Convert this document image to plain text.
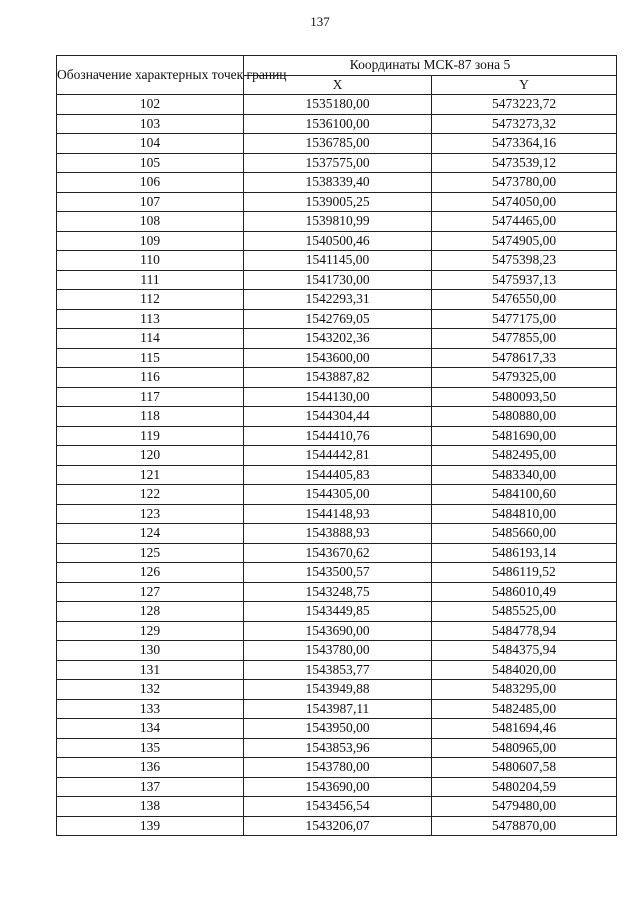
137
Обозначение характерных точек границ	Координаты МСК-87 зона 5	
	X	Y
102	1535180,00	5473223,72
103	1536100,00	5473273,32
104	1536785,00	5473364,16
105	1537575,00	5473539,12
106	1538339,40	5473780,00
107	1539005,25	5474050,00
108	1539810,99	5474465,00
109	1540500,46	5474905,00
110	1541145,00	5475398,23
111	1541730,00	5475937,13
112	1542293,31	5476550,00
113	1542769,05	5477175,00
114	1543202,36	5477855,00
115	1543600,00	5478617,33
116	1543887,82	5479325,00
117	1544130,00	5480093,50
118	1544304,44	5480880,00
119	1544410,76	5481690,00
120	1544442,81	5482495,00
121	1544405,83	5483340,00
122	1544305,00	5484100,60
123	1544148,93	5484810,00
124	1543888,93	5485660,00
125	1543670,62	5486193,14
126	1543500,57	5486119,52
127	1543248,75	5486010,49
128	1543449,85	5485525,00
129	1543690,00	5484778,94
130	1543780,00	5484375,94
131	1543853,77	5484020,00
132	1543949,88	5483295,00
133	1543987,11	5482485,00
134	1543950,00	5481694,46
135	1543853,96	5480965,00
136	1543780,00	5480607,58
137	1543690,00	5480204,59
138	1543456,54	5479480,00
139	1543206,07	5478870,00
